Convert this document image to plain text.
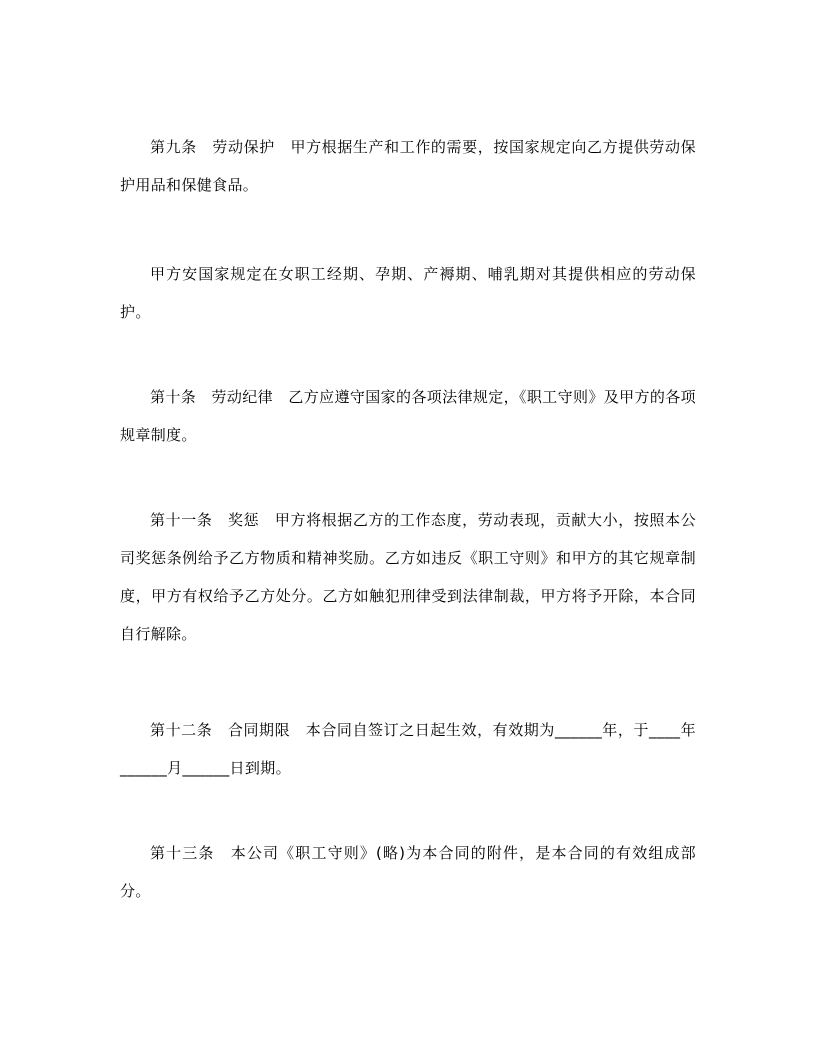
第九条　劳动保护　甲方根据生产和工作的需要，按国家规定向乙方提供劳动保护用品和保健食品。

甲方安国家规定在女职工经期、孕期、产褥期、哺乳期对其提供相应的劳动保护。

第十条　劳动纪律　乙方应遵守国家的各项法律规定，《职工守则》及甲方的各项规章制度。

第十一条　奖惩　甲方将根据乙方的工作态度，劳动表现，贡献大小，按照本公司奖惩条例给予乙方物质和精神奖励。乙方如违反《职工守则》和甲方的其它规章制度，甲方有权给予乙方处分。乙方如触犯刑律受到法律制裁，甲方将予开除，本合同自行解除。

第十二条　合同期限　本合同自签订之日起生效，有效期为______年，于____年______月______日到期。

第十三条　本公司《职工守则》(略)为本合同的附件，是本合同的有效组成部分。
